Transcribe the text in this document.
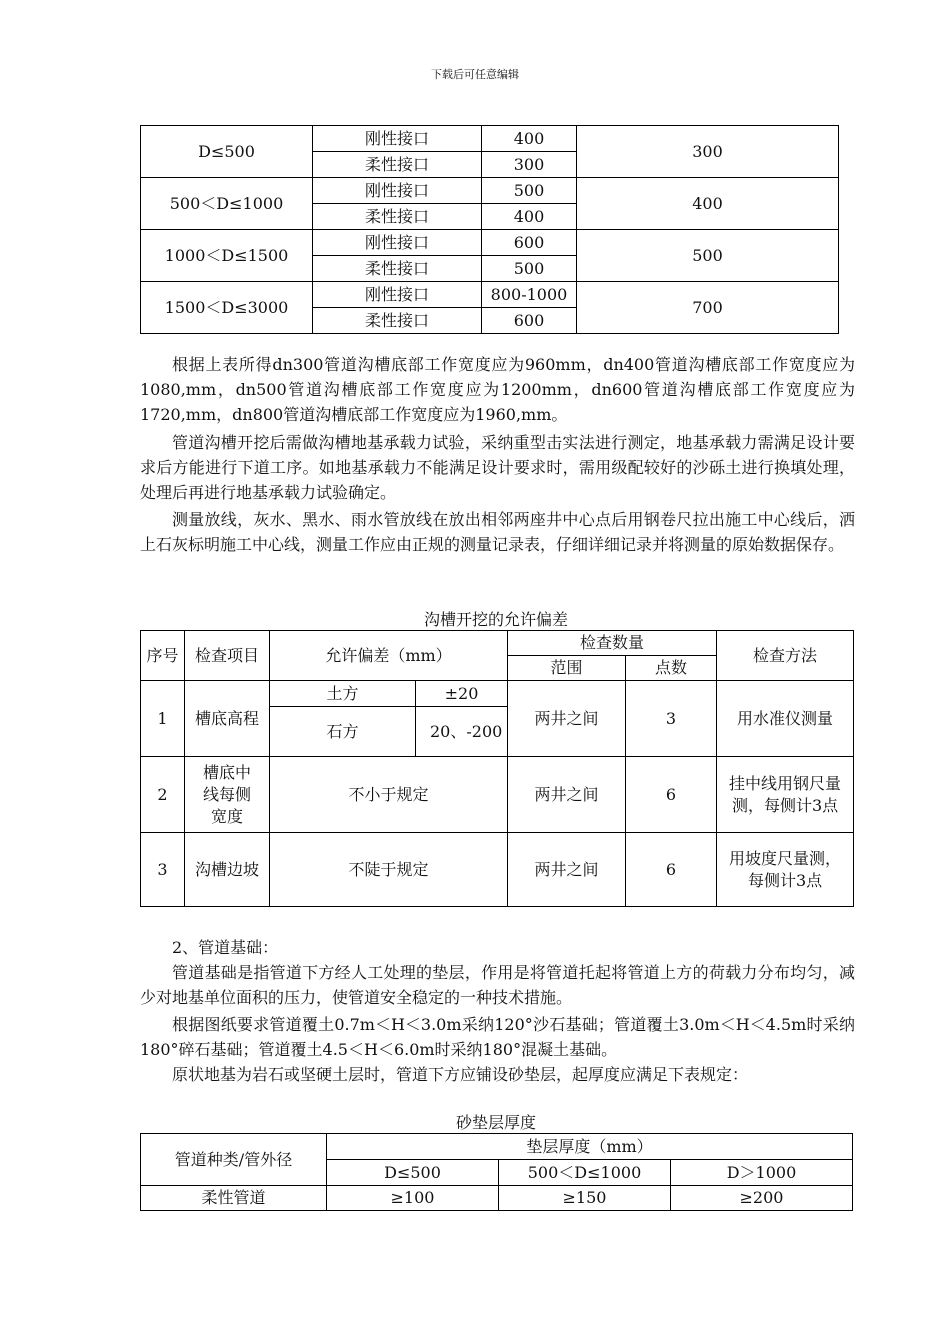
下载后可任意编辑
D≤500	刚性接口	400	300
	柔性接口	300	
500＜D≤1000	刚性接口	500	400
	柔性接口	400	
1000＜D≤1500	刚性接口	600	500
	柔性接口	500	
1500＜D≤3000	刚性接口	800-1000	700
	柔性接口	600	

根据上表所得dn300管道沟槽底部工作宽度应为960mm，dn400管道沟槽底部工作宽度应为1080,mm，dn500管道沟槽底部工作宽度应为1200mm，dn600管道沟槽底部工作宽度应为1720,mm，dn800管道沟槽底部工作宽度应为1960,mm。

管道沟槽开挖后需做沟槽地基承载力试验，采纳重型击实法进行测定，地基承载力需满足设计要求后方能进行下道工序。如地基承载力不能满足设计要求时，需用级配较好的沙砾土进行换填处理，处理后再进行地基承载力试验确定。

测量放线，灰水、黑水、雨水管放线在放出相邻两座井中心点后用钢卷尺拉出施工中心线后，洒上石灰标明施工中心线，测量工作应由正规的测量记录表，仔细详细记录并将测量的原始数据保存。

沟槽开挖的允许偏差
序号	检查项目	允许偏差（mm）		检查数量		检查方法
				范围	点数	
1	槽底高程	土方	±20	两井之间	3	用水准仪测量
		石方	20、-200			
2	槽底中线每侧宽度	不小于规定		两井之间	6	挂中线用钢尺量测，每侧计3点
3	沟槽边坡	不陡于规定		两井之间	6	用坡度尺量测，每侧计3点

2、管道基础：

管道基础是指管道下方经人工处理的垫层，作用是将管道托起将管道上方的荷载力分布均匀，减少对地基单位面积的压力，使管道安全稳定的一种技术措施。

根据图纸要求管道覆土0.7m＜H＜3.0m采纳120°沙石基础；管道覆土3.0m＜H＜4.5m时采纳180°碎石基础；管道覆土4.5＜H＜6.0m时采纳180°混凝土基础。

原状地基为岩石或坚硬土层时，管道下方应铺设砂垫层，起厚度应满足下表规定：

砂垫层厚度
管道种类/管外径	垫层厚度（mm）		
	D≤500	500＜D≤1000	D＞1000
柔性管道	≥100	≥150	≥200
